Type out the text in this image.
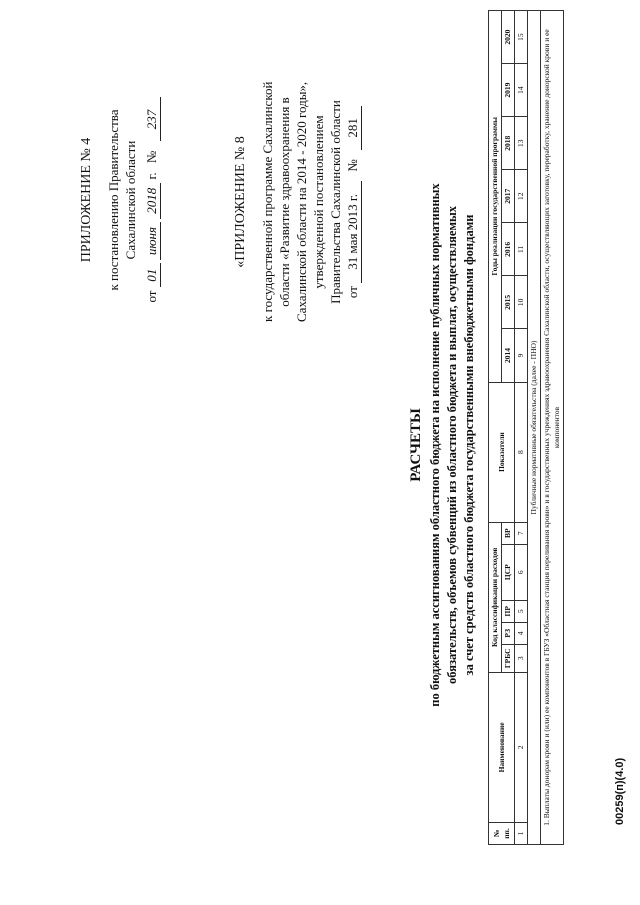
ПРИЛОЖЕНИЕ № 4 к постановлению Правительства Сахалинской области
от 01 июня 2018 г. № 237
«ПРИЛОЖЕНИЕ № 8 к государственной программе Сахалинской области «Развитие здравоохранения в Сахалинской области на 2014 - 2020 годы», утвержденной постановлением Правительства Сахалинской области от 31 мая 2013 г. № 281
РАСЧЕТЫ по бюджетным ассигнованиям областного бюджета на исполнение публичных нормативных обязательств, объемов субвенций из областного бюджета и выплат, осуществляемых за счет средств областного бюджета государственными внебюджетными фондами
№ пп.	Наименование	Код классификации расходов					Показатели	Годы реализации государственной программы						
		ГРБС	РЗ	ПР	ЦСР	ВР		2014	2015	2016	2017	2018	2019	2020
1	2	3	4	5	6	7	8	9	10	11	12	13	14	15
Публичные нормативные обязательства (далее - ПНО)														
1. Выплаты донорам крови и (или) ее компонентов в ГБУЗ «Областная станция переливания крови» и в государственных учреждениях здравоохранения Сахалинской области, осуществляющих заготовку, переработку, хранение донорской крови и ее компонентов														
00259(п)(4.0)
